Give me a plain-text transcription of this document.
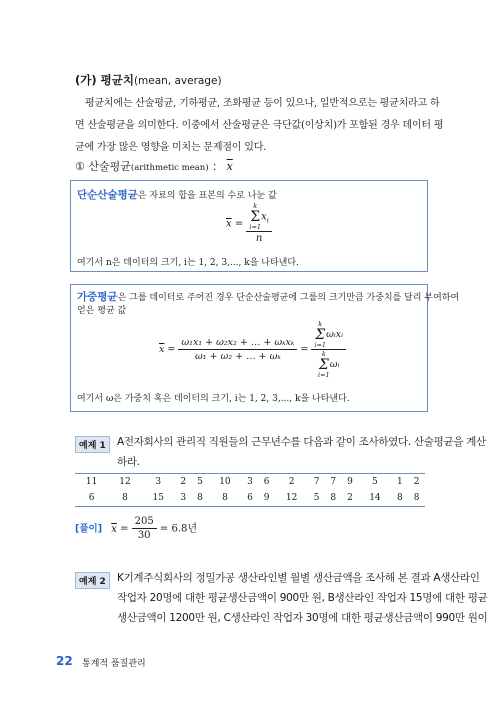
(가) 평균치(mean, average)
평균치에는 산술평균, 기하평균, 조화평균 등이 있으나, 일반적으로는 평균치라고 하
면 산술평균을 의미한다. 이중에서 산술평균은 극단값(이상치)가 포함된 경우 데이터 평
균에 가장 많은 영향을 미치는 문제점이 있다.
① 산술평균(arithmetic mean) ： $\overline{x}$
단순산술평균은 자료의 합을 표본의 수로 나눈 값
$\overline{x} = k$
Σ
i=1
$x_i$
n
여기서 n은 데이터의 크기, i는 1, 2, 3,..., k을 나타낸다.
가중평균은 그룹 데이터로 주어진 경우 단순산술평균에 그룹의 크기만큼 가중치를 달리 부여하여
얻은 평균 값
$\overline{x} = \frac{\text{ω₁x₁ + ω₂x₂ + … + ωₖxₖ}}{\text{ω₁ + ω₂ + … + ωₖ}} = k$
Σ
i=1
ωᵢxᵢ
k
Σ
i=1
ωᵢ
여기서 ω은 가중치 혹은 데이터의 크기, i는 1, 2, 3,..., k을 나타낸다.
예제 1	A전자회사의 관리직 직원들의 근무년수를 다음과 같이 조사하였다. 산술평균을 계산
하라.
11	12	3	2	5	10	3	6	2	7	7	9	5	1	2
6	8	15	3	8	8	6	9	12	5	8	2	14	8	8
[풀이] $\overline{x} = \frac{205}{30} = 6.8$년
예제 2	K기계주식회사의 정밀가공 생산라인별 월별 생산금액을 조사해 본 결과 A생산라인
작업자 20명에 대한 평균생산금액이 900만 원, B생산라인 작업자 15명에 대한 평균
생산금액이 1200만 원, C생산라인 작업자 30명에 대한 평균생산금액이 990만 원이
22 통계적 품질관리
